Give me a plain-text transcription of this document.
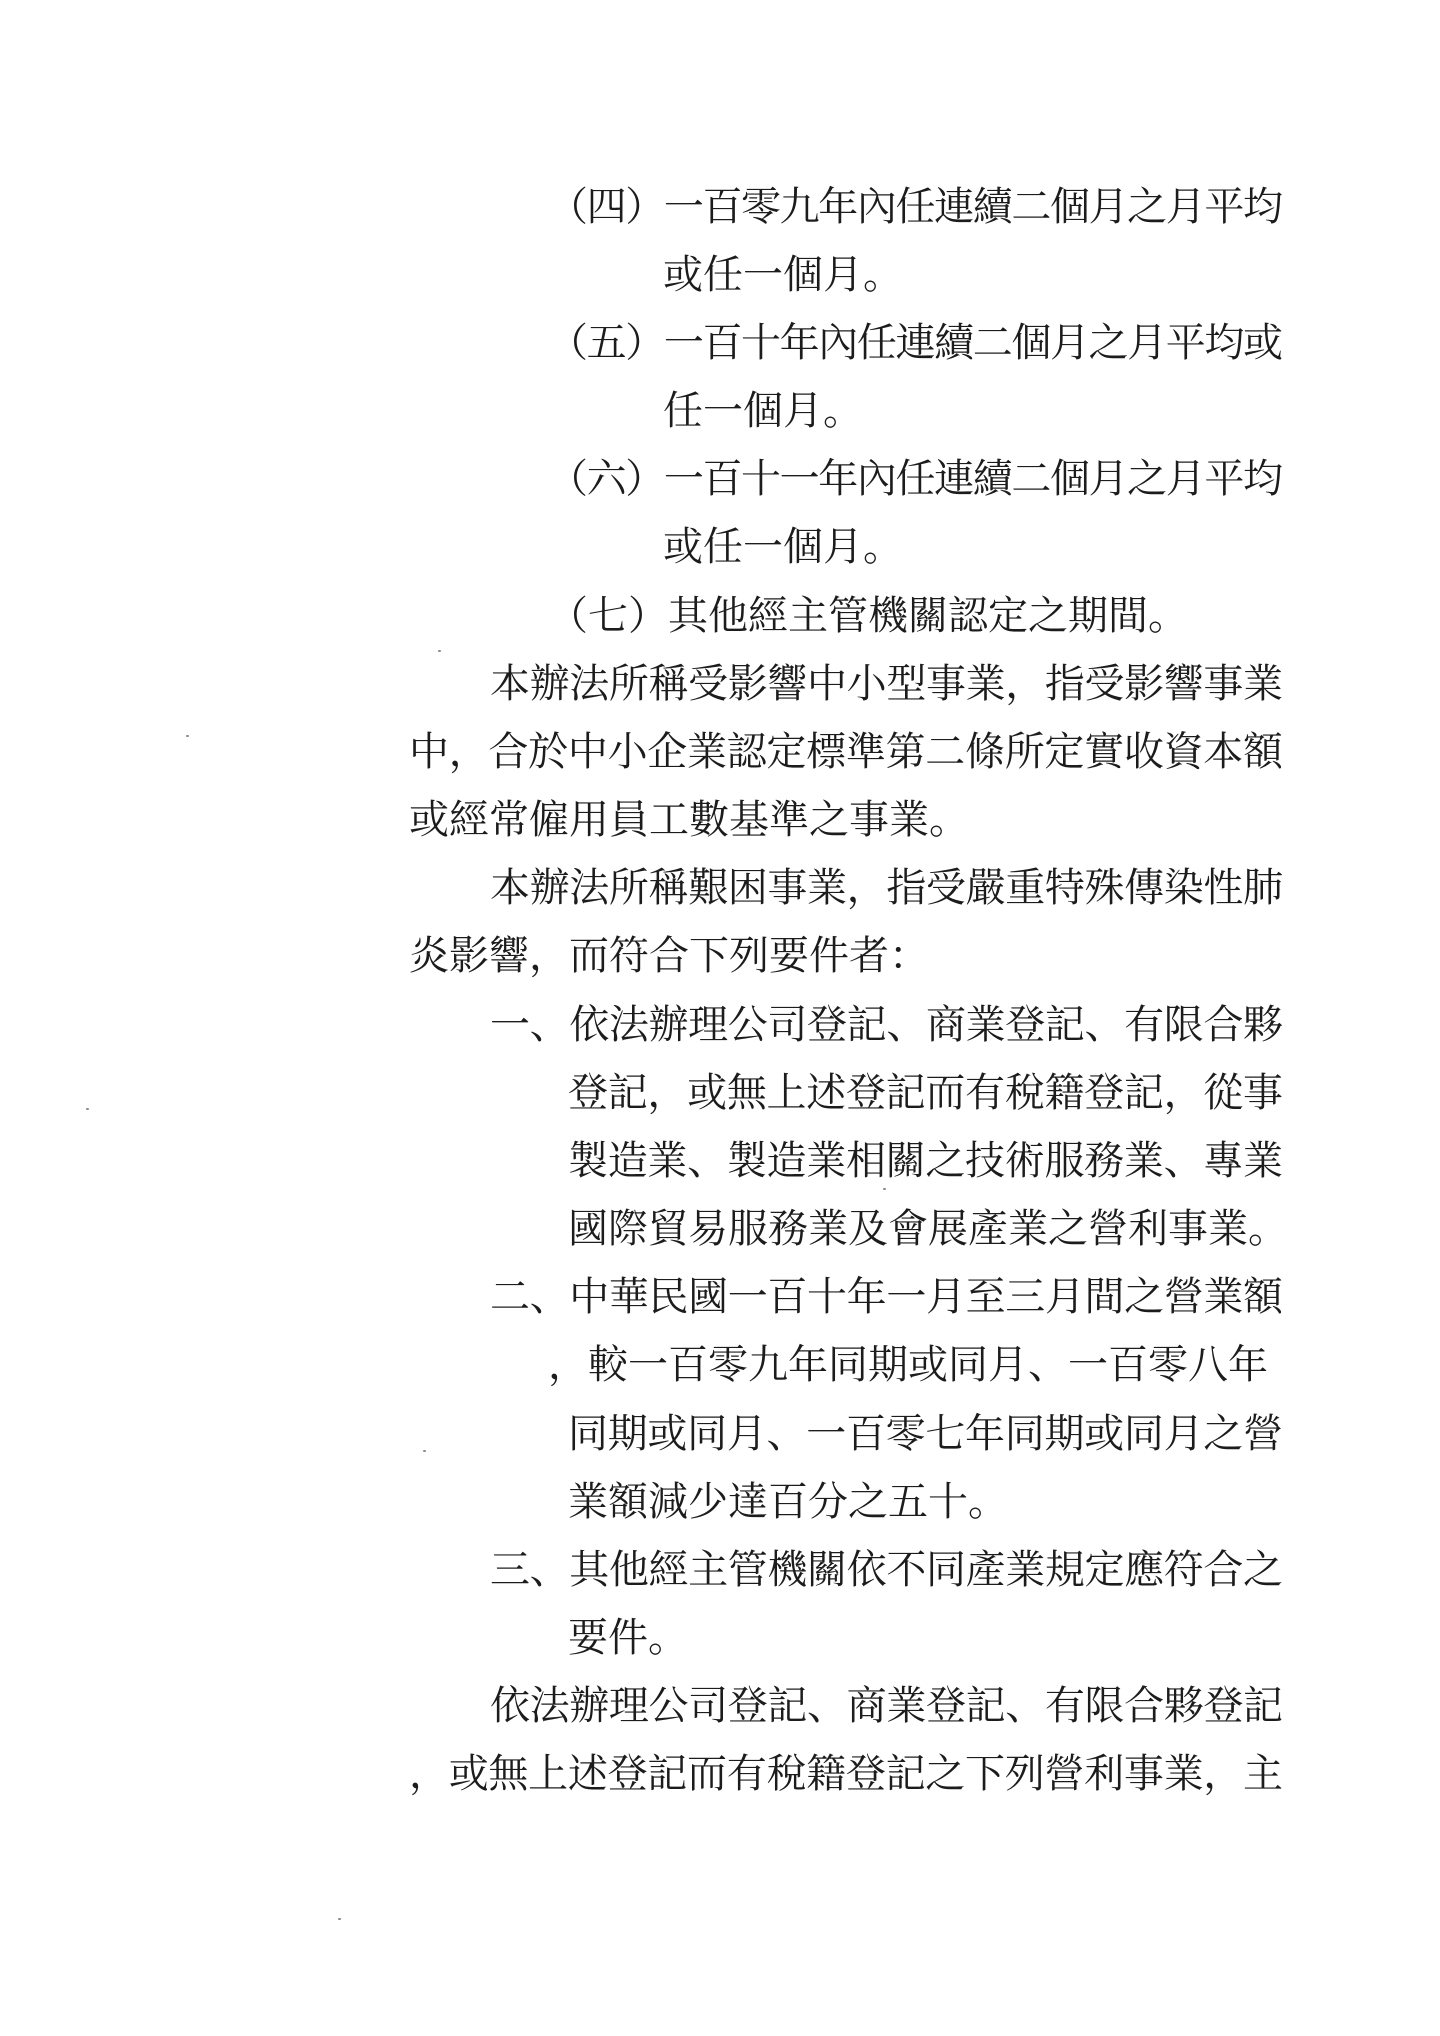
（四）一百零九年內任連續二個月之月平均
或任一個月。
（五）一百十年內任連續二個月之月平均或
任一個月。
（六）一百十一年內任連續二個月之月平均
或任一個月。
（七）其他經主管機關認定之期間。
本辦法所稱受影響中小型事業，指受影響事業
中，合於中小企業認定標準第二條所定實收資本額
或經常僱用員工數基準之事業。
本辦法所稱艱困事業，指受嚴重特殊傳染性肺
炎影響，而符合下列要件者：
一、依法辦理公司登記、商業登記、有限合夥
登記，或無上述登記而有稅籍登記，從事
製造業、製造業相關之技術服務業、專業
國際貿易服務業及會展產業之營利事業。
二、中華民國一百十年一月至三月間之營業額
，較一百零九年同期或同月、一百零八年
同期或同月、一百零七年同期或同月之營
業額減少達百分之五十。
三、其他經主管機關依不同產業規定應符合之
要件。
依法辦理公司登記、商業登記、有限合夥登記
，或無上述登記而有稅籍登記之下列營利事業，主
